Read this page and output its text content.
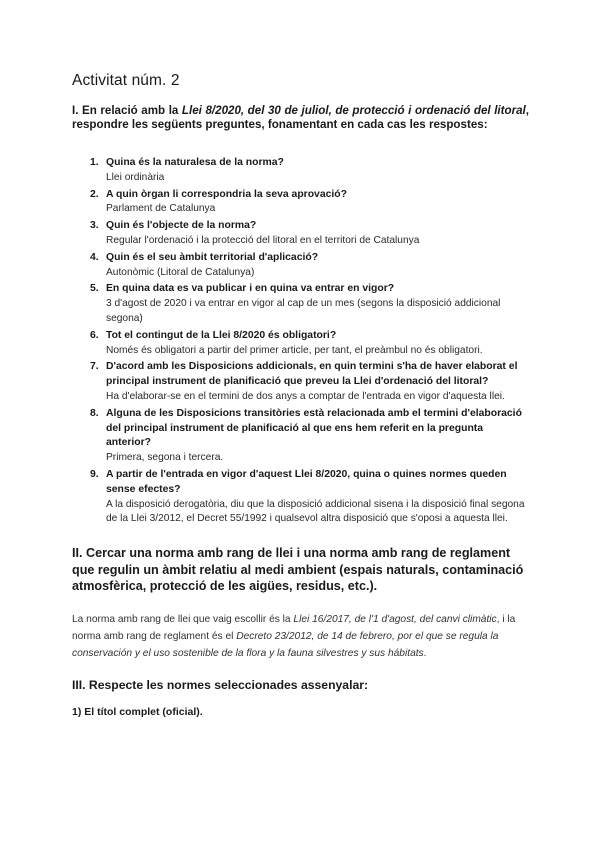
Activitat núm. 2

I. En relació amb la Llei 8/2020, del 30 de juliol, de protecció i ordenació del litoral, respondre les següents preguntes, fonamentant en cada cas les respostes:

1. Quina és la naturalesa de la norma?
Llei ordinària
2. A quin òrgan li correspondria la seva aprovació?
Parlament de Catalunya
3. Quin és l'objecte de la norma?
Regular l'ordenació i la protecció del litoral en el territori de Catalunya
4. Quin és el seu àmbit territorial d'aplicació?
Autonòmic (Litoral de Catalunya)
5. En quina data es va publicar i en quina va entrar en vigor?
3 d'agost de 2020 i va entrar en vigor al cap de un mes (segons la disposició addicional segona)
6. Tot el contingut de la Llei 8/2020 és obligatori?
Només és obligatori a partir del primer article, per tant, el preàmbul no és obligatori.
7. D'acord amb les Disposicions addicionals, en quin termini s'ha de haver elaborat el principal instrument de planificació que preveu la Llei d'ordenació del litoral?
Ha d'elaborar-se en el termini de dos anys a comptar de l'entrada en vigor d'aquesta llei.
8. Alguna de les Disposicions transitòries està relacionada amb el termini d'elaboració del principal instrument de planificació al que ens hem referit en la pregunta anterior?
Primera, segona i tercera.
9. A partir de l'entrada en vigor d'aquest Llei 8/2020, quina o quines normes queden sense efectes?
A la disposició derogatòria, diu que la disposició addicional sisena i la disposició final segona de la Llei 3/2012, el Decret 55/1992 i qualsevol altra disposició que s'oposi a aquesta llei.
II. Cercar una norma amb rang de llei i una norma amb rang de reglament que regulin un àmbit relatiu al medi ambient (espais naturals, contaminació atmosfèrica, protecció de les aigües, residus, etc.).

La norma amb rang de llei que vaig escollir és la Llei 16/2017, de l'1 d'agost, del canvi climàtic, i la norma amb rang de reglament és el Decreto 23/2012, de 14 de febrero, por el que se regula la conservación y el uso sostenible de la flora y la fauna silvestres y sus hábitats.

III. Respecte les normes seleccionades assenyalar:

1) El títol complet (oficial).
